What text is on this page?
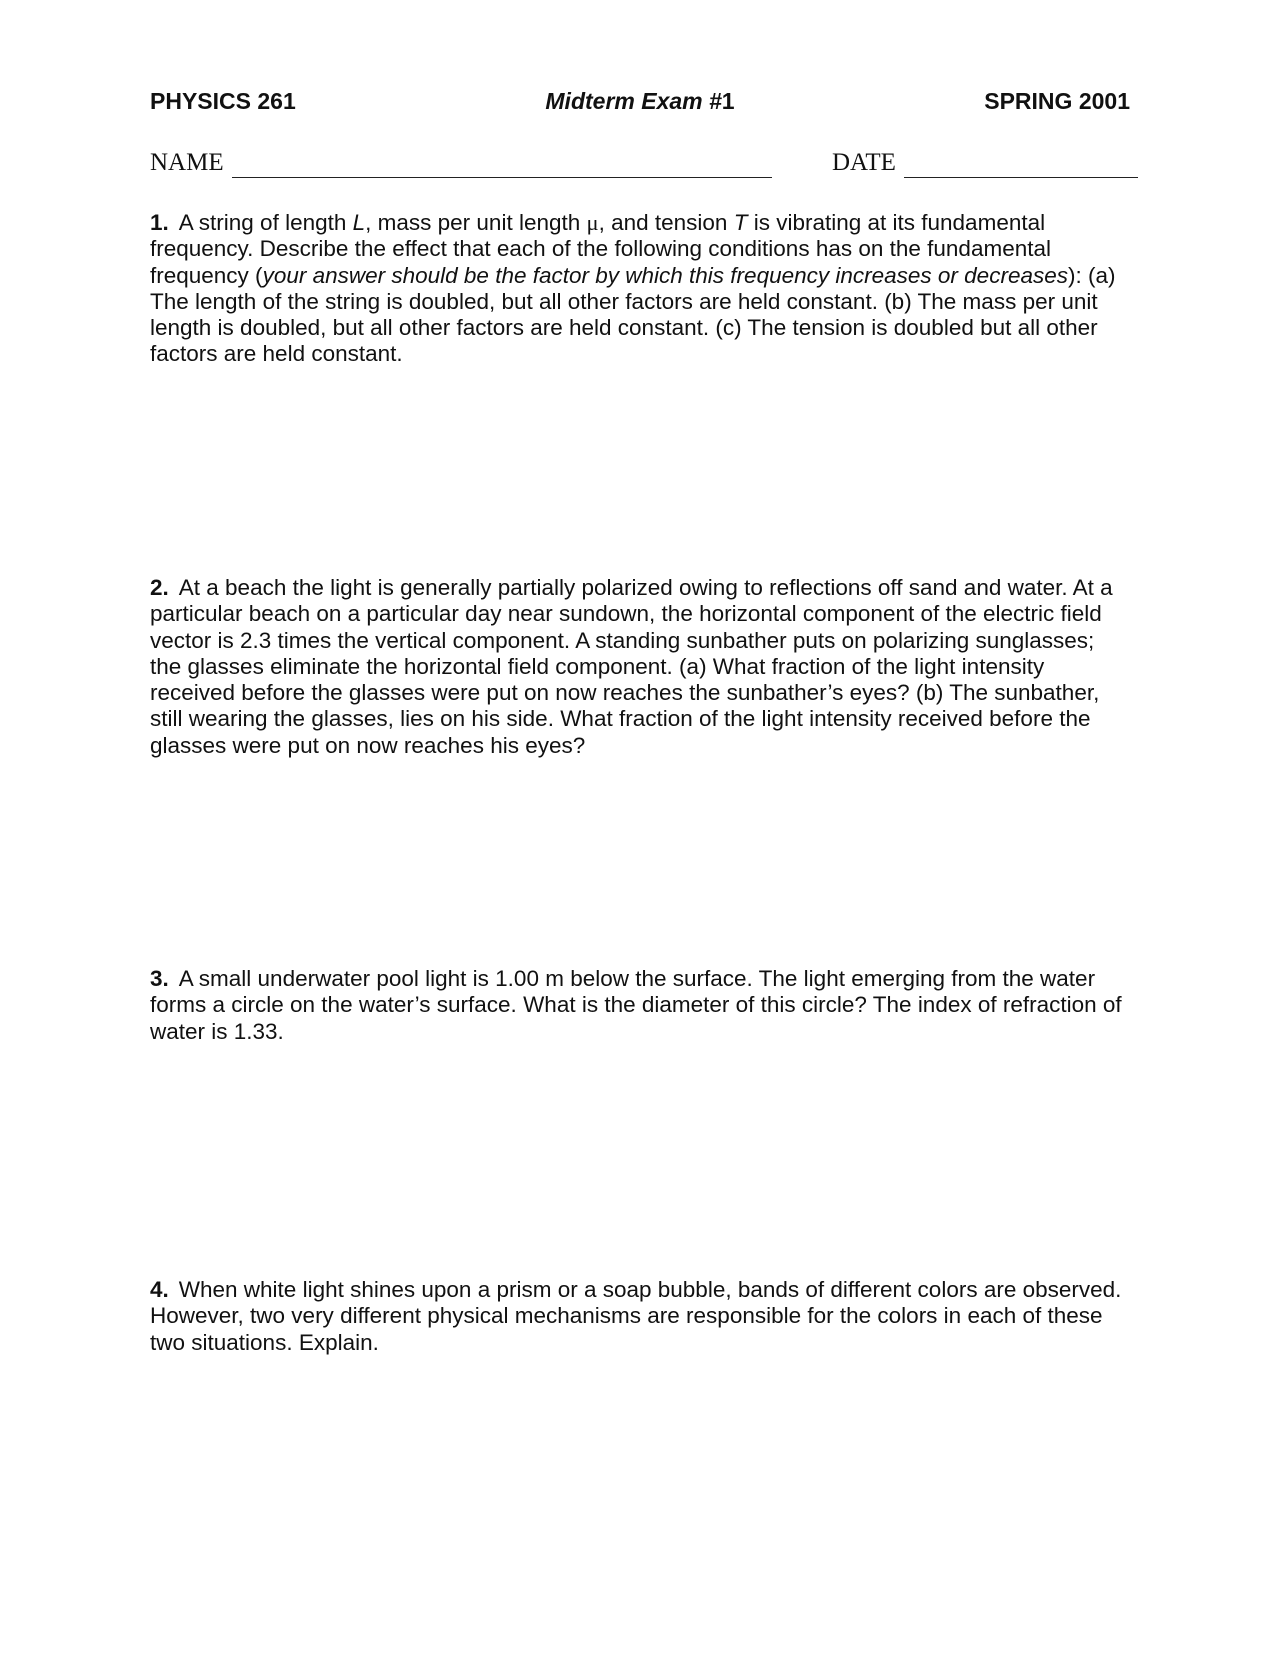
PHYSICS 261	Midterm Exam #1	SPRING 2001
NAME	DATE

1. A string of length L, mass per unit length μ, and tension T is vibrating at its fundamental frequency. Describe the effect that each of the following conditions has on the fundamental frequency (your answer should be the factor by which this frequency increases or decreases): (a) The length of the string is doubled, but all other factors are held constant. (b) The mass per unit length is doubled, but all other factors are held constant. (c) The tension is doubled but all other factors are held constant.

2. At a beach the light is generally partially polarized owing to reflections off sand and water. At a particular beach on a particular day near sundown, the horizontal component of the electric field vector is 2.3 times the vertical component. A standing sunbather puts on polarizing sunglasses; the glasses eliminate the horizontal field component. (a) What fraction of the light intensity received before the glasses were put on now reaches the sunbather’s eyes? (b) The sunbather, still wearing the glasses, lies on his side. What fraction of the light intensity received before the glasses were put on now reaches his eyes?

3. A small underwater pool light is 1.00 m below the surface. The light emerging from the water forms a circle on the water’s surface. What is the diameter of this circle? The index of refraction of water is 1.33.

4. When white light shines upon a prism or a soap bubble, bands of different colors are observed. However, two very different physical mechanisms are responsible for the colors in each of these two situations. Explain.
